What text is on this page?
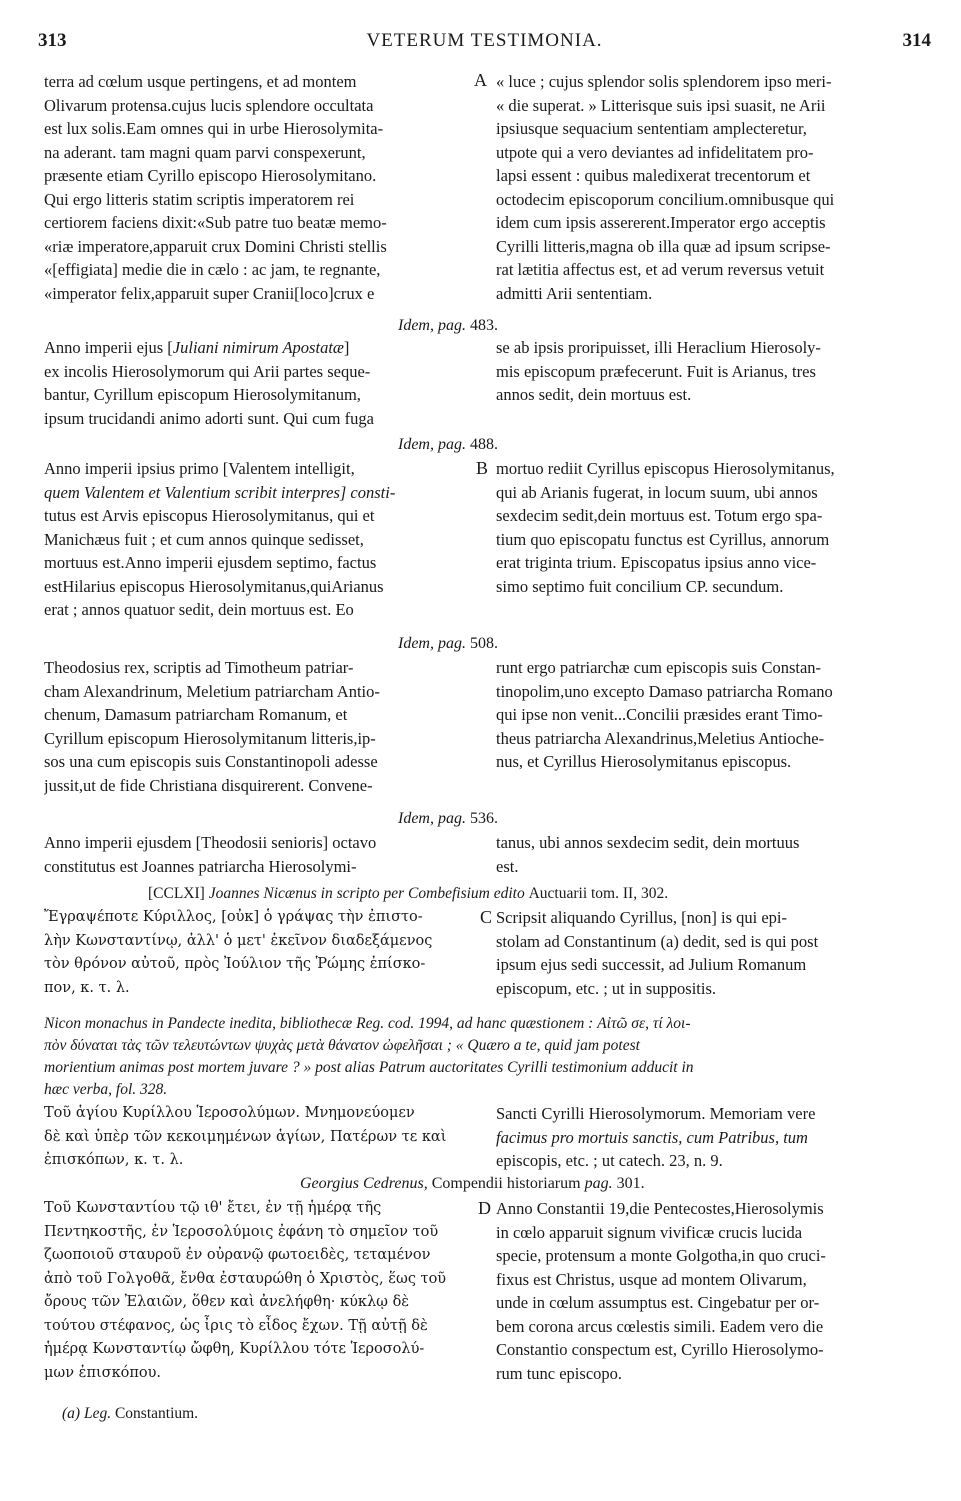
313	VETERUM TESTIMONIA.	314
terra ad cœlum usque pertingens, et ad montem
Olivarum protensa.cujus lucis splendore occultata
est lux solis.Eam omnes qui in urbe Hierosolymita-
na aderant. tam magni quam parvi conspexerunt,
præsente etiam Cyrillo episcopo Hierosolymitano.
Qui ergo litteris statim scriptis imperatorem rei
certiorem faciens dixit:«Sub patre tuo beatæ memo-
«riæ imperatore,apparuit crux Domini Christi stellis
«[effigiata] medie die in cælo : ac jam, te regnante,
«imperator felix,apparuit super Cranii[loco]crux e
A « luce ; cujus splendor solis splendorem ipso meri-
« die superat. » Litterisque suis ipsi suasit, ne Arii
ipsiusque sequacium sententiam amplecteretur,
utpote qui a vero deviantes ad infidelitatem pro-
lapsi essent : quibus maledixerat trecentorum et
octodecim episcoporum concilium.omnibusque qui
idem cum ipsis assererent.Imperator ergo acceptis
Cyrilli litteris,magna ob illa quæ ad ipsum scripse-
rat lætitia affectus est, et ad verum reversus vetuit
admitti Arii sententiam.
Idem, pag. 483.
Anno imperii ejus [Juliani nimirum Apostatæ]
ex incolis Hierosolymorum qui Arii partes seque-
bantur, Cyrillum episcopum Hierosolymitanum,
ipsum trucidandi animo adorti sunt. Qui cum fuga
se ab ipsis proripuisset, illi Heraclium Hierosoly-
mis episcopum præfecerunt. Fuit is Arianus, tres
annos sedit, dein mortuus est.
Idem, pag. 488.
Anno imperii ipsius primo [Valentem intelligit,
quem Valentem et Valentium scribit interpres] consti-
tutus est Arvis episcopus Hierosolymitanus, qui et
Manichæus fuit ; et cum annos quinque sedisset,
mortuus est.Anno imperii ejusdem septimo, factus
estHilarius episcopus Hierosolymitanus,quiArianus
erat ; annos quatuor sedit, dein mortuus est. Eo
B mortuo rediit Cyrillus episcopus Hierosolymitanus,
qui ab Arianis fugerat, in locum suum, ubi annos
sexdecim sedit,dein mortuus est. Totum ergo spa-
tium quo episcopatu functus est Cyrillus, annorum
erat triginta trium. Episcopatus ipsius anno vice-
simo septimo fuit concilium CP. secundum.
Idem, pag. 508.
Theodosius rex, scriptis ad Timotheum patriar-
cham Alexandrinum, Meletium patriarcham Antio-
chenum, Damasum patriarcham Romanum, et
Cyrillum episcopum Hierosolymitanum litteris,ip-
sos una cum episcopis suis Constantinopoli adesse
jussit,ut de fide Christiana disquirerent. Convene-
runt ergo patriarchæ cum episcopis suis Constan-
tinopolim,uno excepto Damaso patriarcha Romano
qui ipse non venit...Concilii præsides erant Timo-
theus patriarcha Alexandrinus,Meletius Antioche-
nus, et Cyrillus Hierosolymitanus episcopus.
Idem, pag. 536.
Anno imperii ejusdem [Theodosii senioris] octavo
constitutus est Joannes patriarcha Hierosolymi-
tanus, ubi annos sexdecim sedit, dein mortuus
est.
[CCLXI] Joannes Nicænus in scripto per Combefisium edito Auctuarii tom. II, 302.
Ἔγραψέποτε Κύριλλος, [οὐκ] ὁ γράψας τὴν ἐπιστο-
λὴν Κωνσταντίνῳ, ἀλλ' ὁ μετ' ἐκεῖνον διαδεξάμενος
τὸν θρόνον αὐτοῦ, πρὸς Ἰούλιον τῆς Ῥώμης ἐπίσκο-
πον, κ. τ. λ.
C Scripsit aliquando Cyrillus, [non] is qui epi-
stolam ad Constantinum (a) dedit, sed is qui post
ipsum ejus sedi successit, ad Julium Romanum
episcopum, etc. ; ut in suppositis.
Nicon monachus in Pandecte inedita, bibliothecæ Reg. cod. 1994, ad hanc quæstionem : Αἰτῶ σε, τί λοι-
πὸν δύναται τὰς τῶν τελευτώντων ψυχὰς μετὰ θάνατον ὠφελῆσαι ; « Quæro a te, quid jam potest
morientium animas post mortem juvare ? » post alias Patrum auctoritates Cyrilli testimonium adducit in
hæc verba, fol. 328.
Τοῦ ἁγίου Κυρίλλου Ἱεροσολύμων. Μνημονεύομεν
δὲ καὶ ὑπὲρ τῶν κεκοιμημένων ἁγίων, Πατέρων τε καὶ
ἐπισκόπων, κ. τ. λ.
Sancti Cyrilli Hierosolymorum. Memoriam vere
facimus pro mortuis sanctis, cum Patribus, tum
episcopis, etc. ; ut catech. 23, n. 9.
Georgius Cedrenus, Compendii historiarum pag. 301.
Τοῦ Κωνσταντίου τῷ ιθ' ἔτει, ἐν τῇ ἡμέρᾳ τῆς
Πεντηκοστῆς, ἐν Ἱεροσολύμοις ἐφάνη τὸ σημεῖον τοῦ
ζωοποιοῦ σταυροῦ ἐν οὐρανῷ φωτοειδὲς, τεταμένον
ἀπὸ τοῦ Γολγοθᾶ, ἔνθα ἐσταυρώθη ὁ Χριστὸς, ἕως τοῦ
ὄρους τῶν Ἐλαιῶν, ὅθεν καὶ ἀνελήφθη· κύκλῳ δὲ
τούτου στέφανος, ὡς ἶρις τὸ εἶδος ἔχων. Τῇ αὐτῇ δὲ
ἡμέρᾳ Κωνσταντίῳ ὤφθη, Κυρίλλου τότε Ἱεροσολύ-
μων ἐπισκόπου.
D Anno Constantii 19,die Pentecostes,Hierosolymis
in cœlo apparuit signum vivificæ crucis lucida
specie, protensum a monte Golgotha,in quo cruci-
fixus est Christus, usque ad montem Olivarum,
unde in cœlum assumptus est. Cingebatur per or-
bem corona arcus cœlestis simili. Eadem vero die
Constantio conspectum est, Cyrillo Hierosolymo-
rum tunc episcopo.
(a) Leg. Constantium.
